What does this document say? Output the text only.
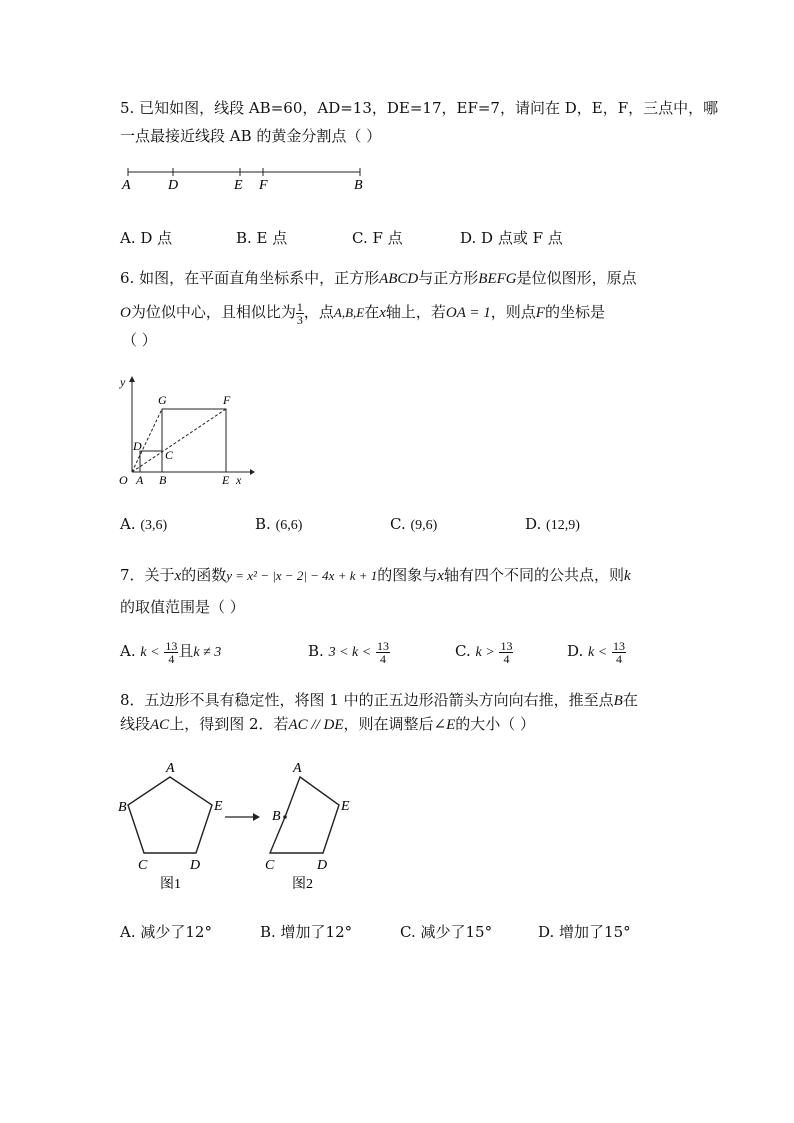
5. 已知如图，线段 AB=60，AD=13，DE=17，EF=7，请问在 D，E，F，三点中，哪
一点最接近线段 AB 的黄金分割点（ ）
A	D	E F	B
A. D 点	B. E 点	C. F 点	D. D 点或 F 点
6. 如图，在平面直角坐标系中，正方形ABCD与正方形BEFG是位似图形，原点
O为位似中心，且相似比为 $\frac{1}{3}$ ，点A,B,E在x轴上，若OA = 1，则点F的坐标是
（ ）
y
G	F
D
C
O A B	E x
A. (3,6)	B. (6,6)	C. (9,6)	D. (12,9)
7．关于x的函数y = x² − |x − 2| − 4x + k + 1的图象与x轴有四个不同的公共点，则k
的取值范围是（ ）
A. $k < \frac{13}{4}$ 且k ≠ 3	B. $3 < k < \frac{13}{4}$	C. $k > \frac{13}{4}$	D. $k < \frac{13}{4}$
8．五边形不具有稳定性，将图 1 中的正五边形沿箭头方向向右推，推至点B在
线段AC上，得到图 2．若AC // DE，则在调整后∠E的大小（ ）
A
B	E
C	D
图1
A
B
E
C	D
图2
A. 减少了12°	B. 增加了12°	C. 减少了15°	D. 增加了15°
